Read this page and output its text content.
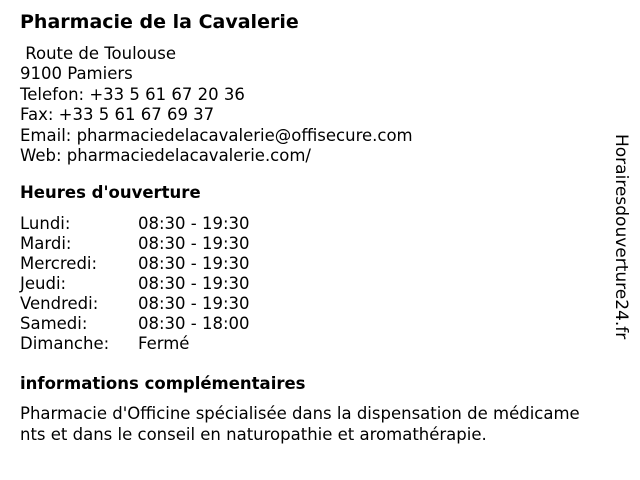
Pharmacie de la Cavalerie
Route de Toulouse
9100 Pamiers
Telefon: +33 5 61 67 20 36
Fax: +33 5 61 67 69 37
Email: pharmaciedelacavalerie@offisecure.com
Web: pharmaciedelacavalerie.com/
Heures d'ouverture
Lundi:	08:30 - 19:30
Mardi:	08:30 - 19:30
Mercredi: 08:30 - 19:30
Jeudi:	08:30 - 19:30
Vendredi: 08:30 - 19:30
Samedi:	08:30 - 18:00
Dimanche: Fermé
informations complémentaires
Pharmacie d'Officine spécialisée dans la dispensation de médicame
nts et dans le conseil en naturopathie et aromathérapie.
Horairesdouverture24.fr
